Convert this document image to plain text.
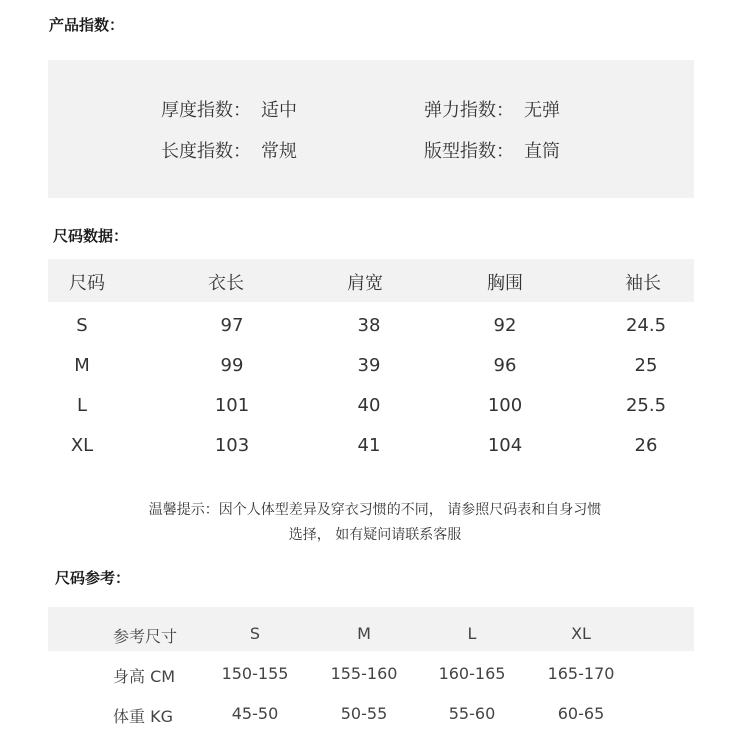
产品指数：
厚度指数： 适中	弹力指数： 无弹
长度指数： 常规	版型指数： 直筒
尺码数据：
尺码	衣长	肩宽	胸围	袖长
S	97	38	92	24.5
M	99	39	96	25
L	101	40	100	25.5
XL	103	41	104	26
温馨提示：因个人体型差异及穿衣习惯的不同， 请参照尺码表和自身习惯
选择， 如有疑问请联系客服
尺码参考：
参考尺寸	S	M	L	XL
身高 CM	150-155	155-160	160-165	165-170
体重 KG	45-50	50-55	55-60	60-65
